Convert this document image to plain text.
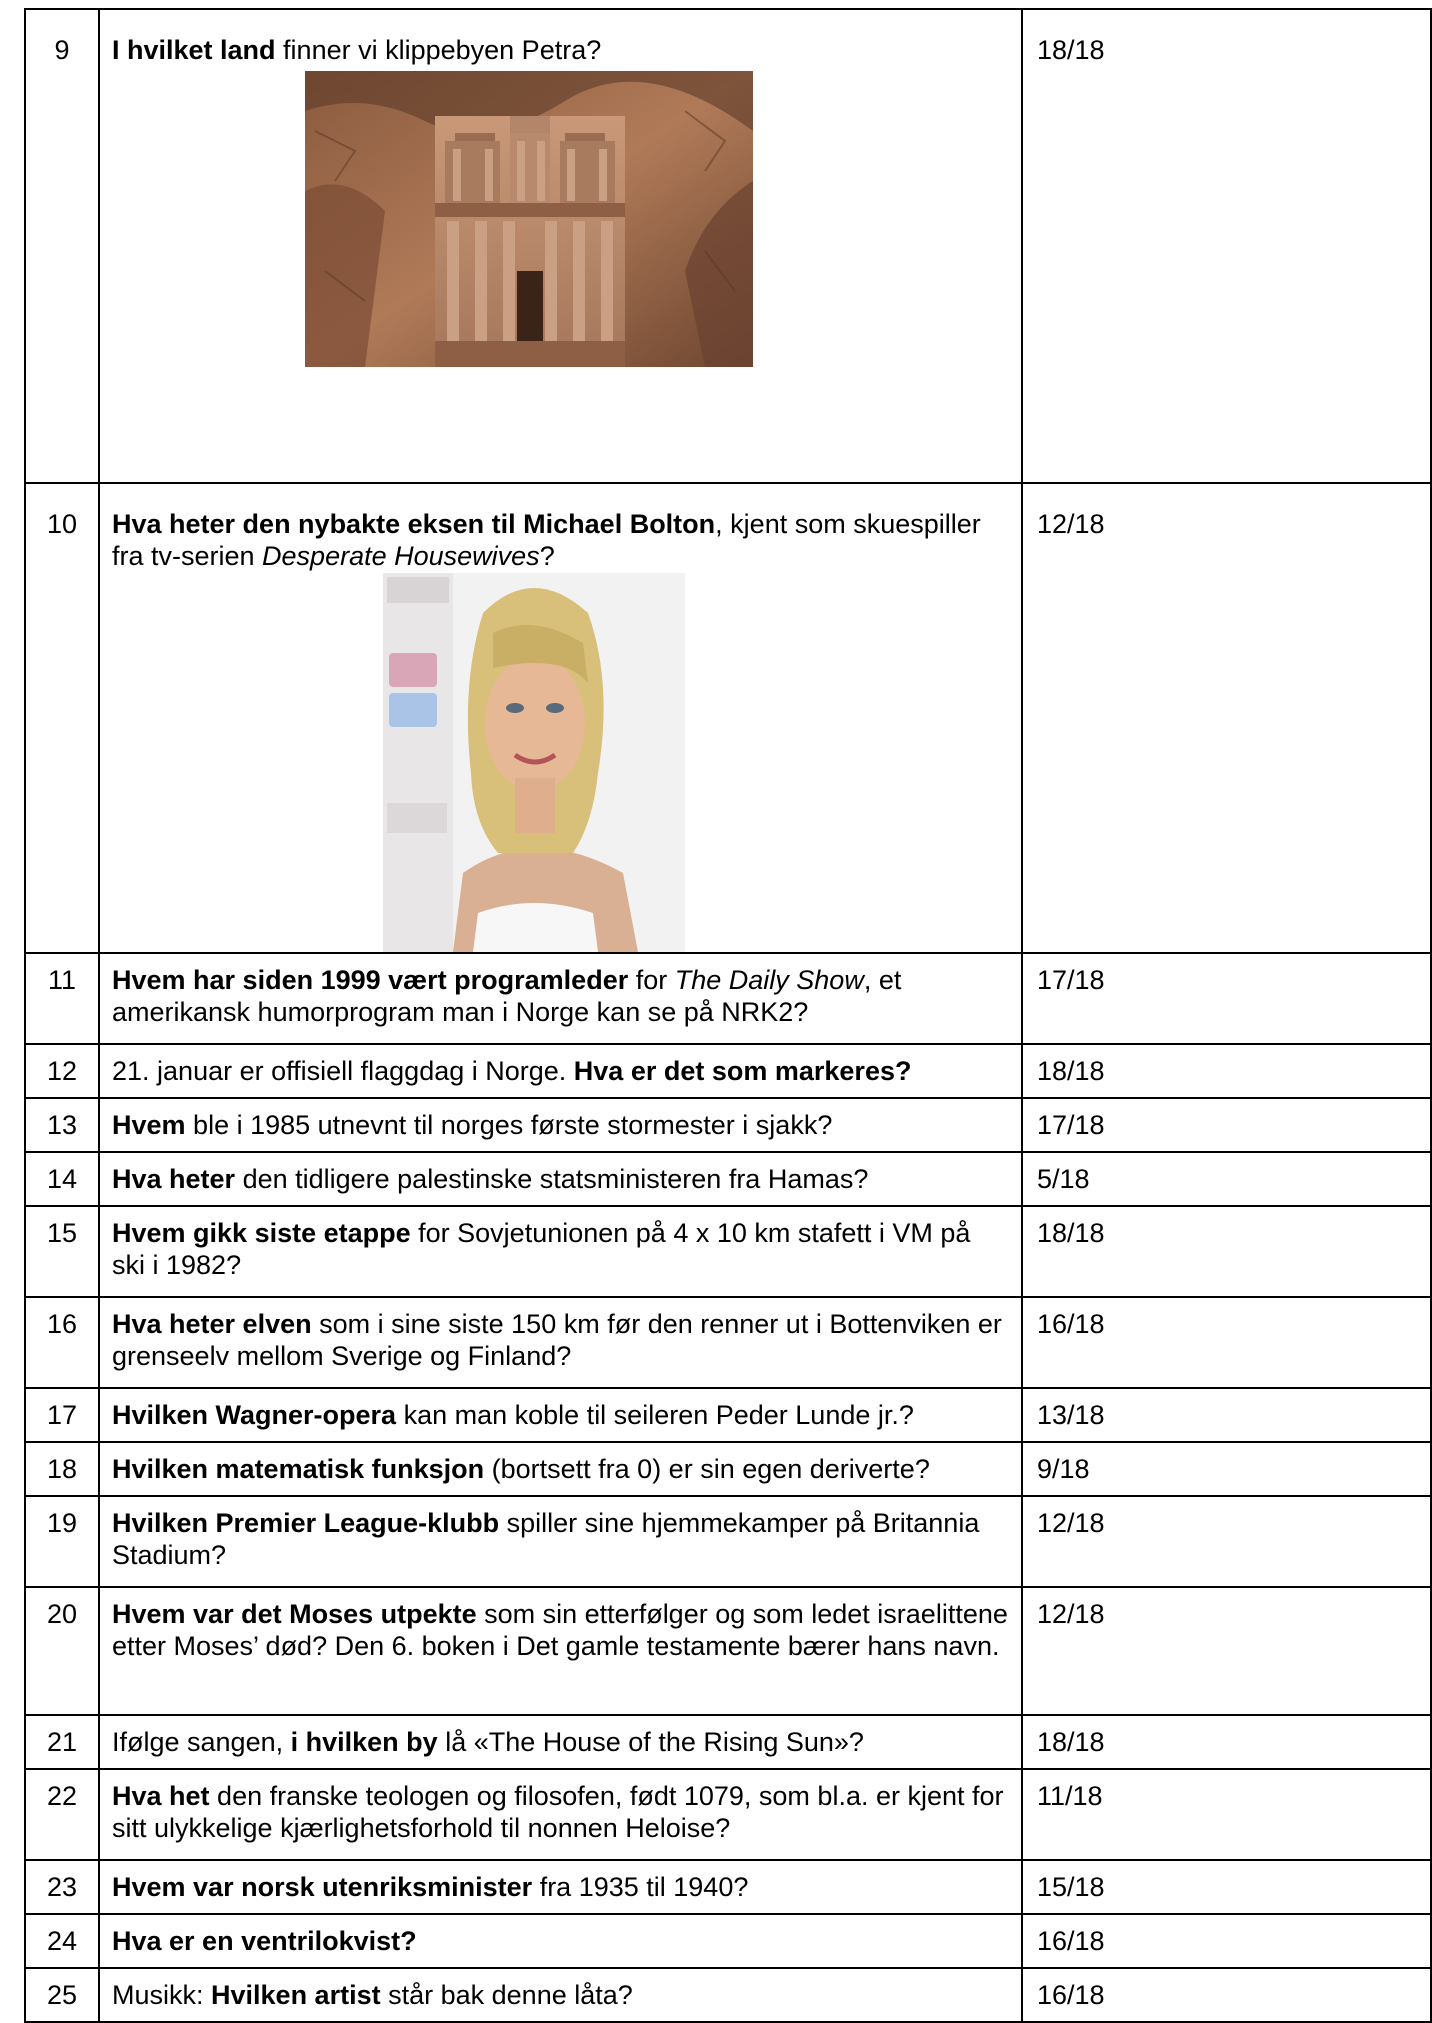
9	I hvilket land finner vi klippebyen Petra?	18/18
10	Hva heter den nybakte eksen til Michael Bolton, kjent som skuespiller fra tv-serien Desperate Housewives?	12/18
11	Hvem har siden 1999 vært programleder for The Daily Show, et amerikansk humorprogram man i Norge kan se på NRK2?	17/18
12	21. januar er offisiell flaggdag i Norge. Hva er det som markeres?	18/18
13	Hvem ble i 1985 utnevnt til norges første stormester i sjakk?	17/18
14	Hva heter den tidligere palestinske statsministeren fra Hamas?	5/18
15	Hvem gikk siste etappe for Sovjetunionen på 4 x 10 km stafett i VM på ski i 1982?	18/18
16	Hva heter elven som i sine siste 150 km før den renner ut i Bottenviken er grenseelv mellom Sverige og Finland?	16/18
17	Hvilken Wagner-opera kan man koble til seileren Peder Lunde jr.?	13/18
18	Hvilken matematisk funksjon (bortsett fra 0) er sin egen deriverte?	9/18
19	Hvilken Premier League-klubb spiller sine hjemmekamper på Britannia Stadium?	12/18
20	Hvem var det Moses utpekte som sin etterfølger og som ledet israelittene etter Moses’ død? Den 6. boken i Det gamle testamente bærer hans navn.	12/18
21	Ifølge sangen, i hvilken by lå «The House of the Rising Sun»?	18/18
22	Hva het den franske teologen og filosofen, født 1079, som bl.a. er kjent for sitt ulykkelige kjærlighetsforhold til nonnen Heloise?	11/18
23	Hvem var norsk utenriksminister fra 1935 til 1940?	15/18
24	Hva er en ventrilokvist?	16/18
25	Musikk: Hvilken artist står bak denne låta?	16/18
